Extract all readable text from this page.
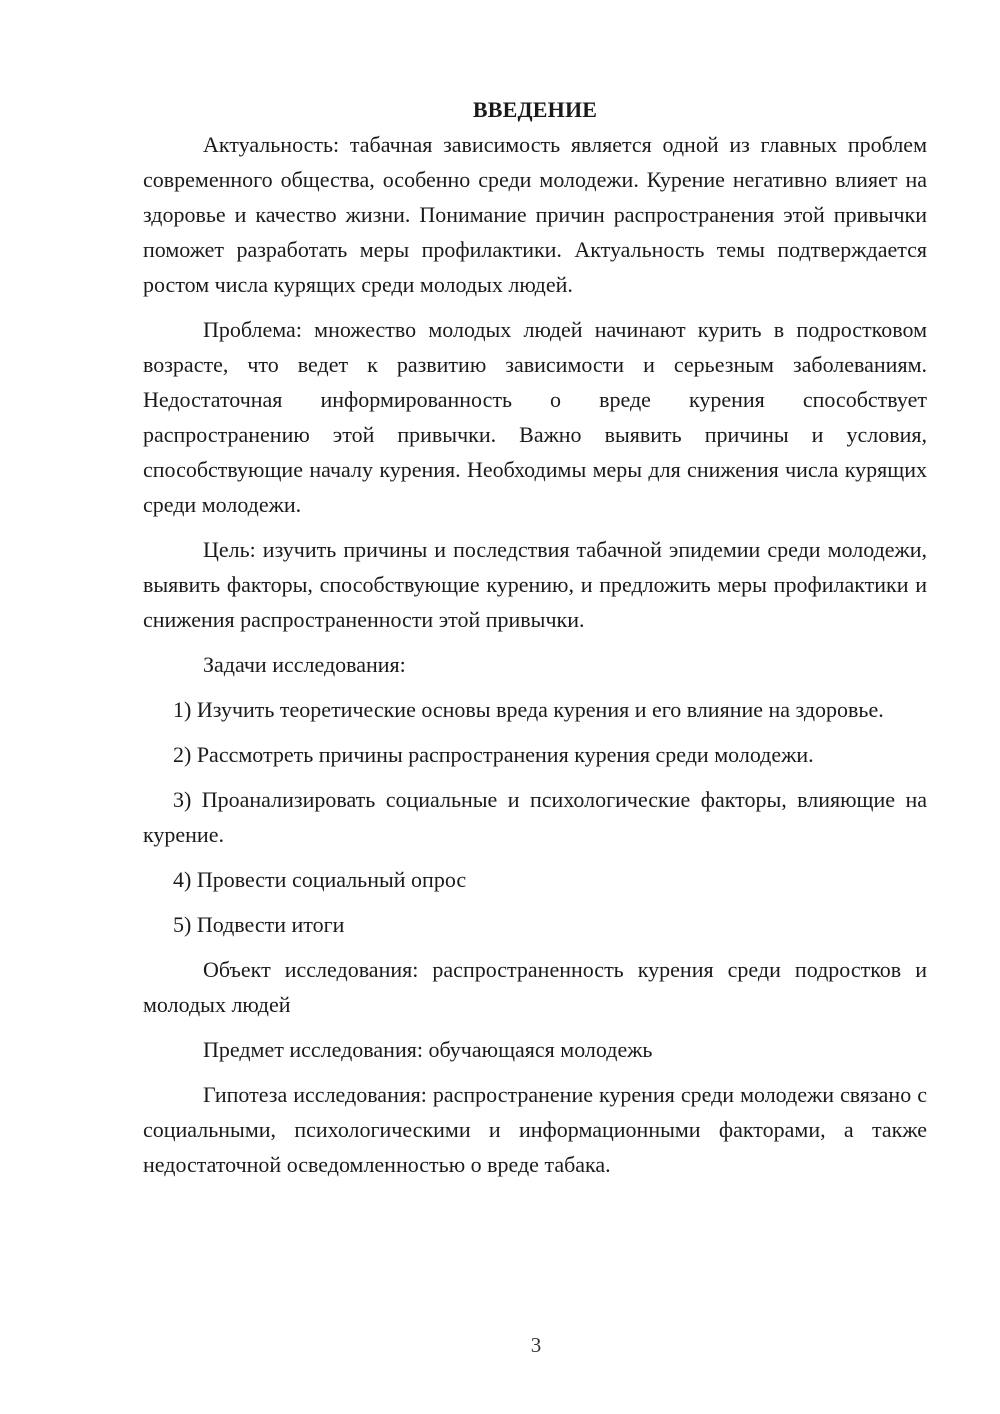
ВВЕДЕНИЕ

Актуальность: табачная зависимость является одной из главных проблем современного общества, особенно среди молодежи. Курение негативно влияет на здоровье и качество жизни. Понимание причин распространения этой привычки поможет разработать меры профилактики. Актуальность темы подтверждается ростом числа курящих среди молодых людей.

Проблема: множество молодых людей начинают курить в подростковом возрасте, что ведет к развитию зависимости и серьезным заболеваниям. Недостаточная информированность о вреде курения способствует распространению этой привычки. Важно выявить причины и условия, способствующие началу курения. Необходимы меры для снижения числа курящих среди молодежи.

Цель: изучить причины и последствия табачной эпидемии среди молодежи, выявить факторы, способствующие курению, и предложить меры профилактики и снижения распространенности этой привычки.

Задачи исследования:

1) Изучить теоретические основы вреда курения и его влияние на здоровье.

2) Рассмотреть причины распространения курения среди молодежи.

3) Проанализировать социальные и психологические факторы, влияющие на курение.

4) Провести социальный опрос

5) Подвести итоги

Объект исследования: распространенность курения среди подростков и молодых людей

Предмет исследования: обучающаяся молодежь

Гипотеза исследования: распространение курения среди молодежи связано с социальными, психологическими и информационными факторами, а также недостаточной осведомленностью о вреде табака.

3
